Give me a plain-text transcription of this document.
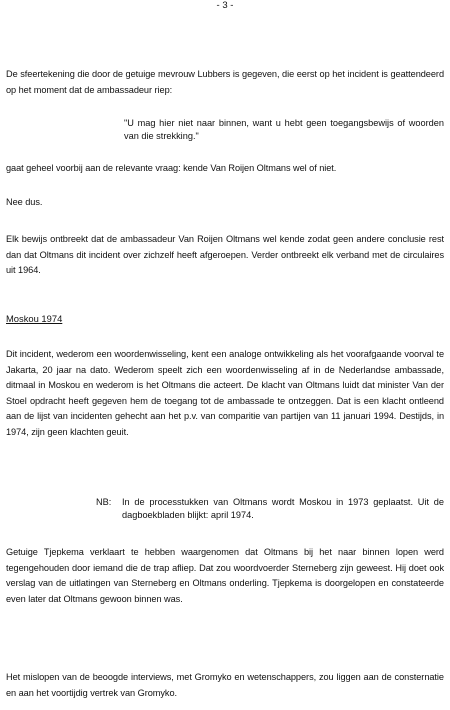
- 3 -
De sfeertekening die door de getuige mevrouw Lubbers is gegeven, die eerst op het incident is geattendeerd op het moment dat de ambassadeur riep:
"U mag hier niet naar binnen, want u hebt geen toegangsbewijs of woorden van die strekking."
gaat geheel voorbij aan de relevante vraag: kende Van Roijen Oltmans wel of niet.
Nee dus.
Elk bewijs ontbreekt dat de ambassadeur Van Roijen Oltmans wel kende zodat geen andere conclusie rest dan dat Oltmans dit incident over zichzelf heeft afgeroepen. Verder ontbreekt elk verband met de circulaires uit 1964.
Moskou 1974
Dit incident, wederom een woordenwisseling, kent een analoge ontwikkeling als het voorafgaande voorval te Jakarta, 20 jaar na dato. Wederom speelt zich een woordenwisseling af in de Nederlandse ambassade, ditmaal in Moskou en wederom is het Oltmans die acteert. De klacht van Oltmans luidt dat minister Van der Stoel opdracht heeft gegeven hem de toegang tot de ambassade te ontzeggen. Dat is een klacht ontleend aan de lijst van incidenten gehecht aan het p.v. van comparitie van partijen van 11 januari 1994. Destijds, in 1974, zijn geen klachten geuit.
NB:	In de processtukken van Oltmans wordt Moskou in 1973 geplaatst. Uit de dagboekbladen blijkt: april 1974.
Getuige Tjepkema verklaart te hebben waargenomen dat Oltmans bij het naar binnen lopen werd tegengehouden door iemand die de trap afliep. Dat zou woordvoerder Sterneberg zijn geweest. Hij doet ook verslag van de uitlatingen van Sterneberg en Oltmans onderling. Tjepkema is doorgelopen en constateerde even later dat Oltmans gewoon binnen was.
Het mislopen van de beoogde interviews, met Gromyko en wetenschappers, zou liggen aan de consternatie en aan het voortijdig vertrek van Gromyko.
